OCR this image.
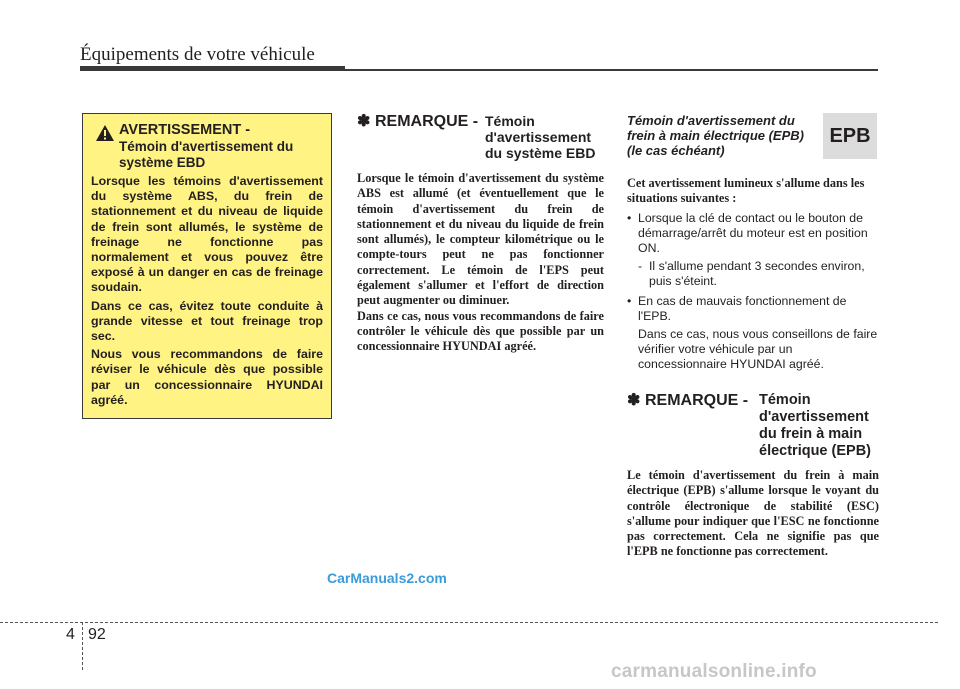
Équipements de votre véhicule
AVERTISSEMENT -
Témoin d'avertissement du système EBD

Lorsque les témoins d'avertissement du système ABS, du frein de stationnement et du niveau de liquide de frein sont allumés, le système de freinage ne fonctionne pas normalement et vous pouvez être exposé à un danger en cas de freinage soudain.

Dans ce cas, évitez toute conduite à grande vitesse et tout freinage trop sec.

Nous vous recommandons de faire réviser le véhicule dès que possible par un concessionnaire HYUNDAI agréé.

✽ REMARQUE - Témoin d'avertissement du système EBD

Lorsque le témoin d'avertissement du système ABS est allumé (et éventuellement que le témoin d'avertissement du frein de stationnement et du niveau du liquide de frein sont allumés), le compteur kilométrique ou le compte-tours peut ne pas fonctionner correctement. Le témoin de l'EPS peut également s'allumer et l'effort de direction peut augmenter ou diminuer.
Dans ce cas, nous vous recommandons de faire contrôler le véhicule dès que possible par un concessionnaire HYUNDAI agréé.

EPB
Témoin d'avertissement du frein à main électrique (EPB) (le cas échéant)

Cet avertissement lumineux s'allume dans les situations suivantes :

• Lorsque la clé de contact ou le bouton de démarrage/arrêt du moteur est en position ON.
- Il s'allume pendant 3 secondes environ, puis s'éteint.
• En cas de mauvais fonctionnement de l'EPB.
Dans ce cas, nous vous conseillons de faire vérifier votre véhicule par un concessionnaire HYUNDAI agréé.
✽ REMARQUE - Témoin d'avertissement du frein à main électrique (EPB)

Le témoin d'avertissement du frein à main électrique (EPB) s'allume lorsque le voyant du contrôle électronique de stabilité (ESC) s'allume pour indiquer que l'ESC ne fonctionne pas correctement. Cela ne signifie pas que l'EPB ne fonctionne pas correctement.

CarManuals2.com
carmanualsonline.info
4 92
